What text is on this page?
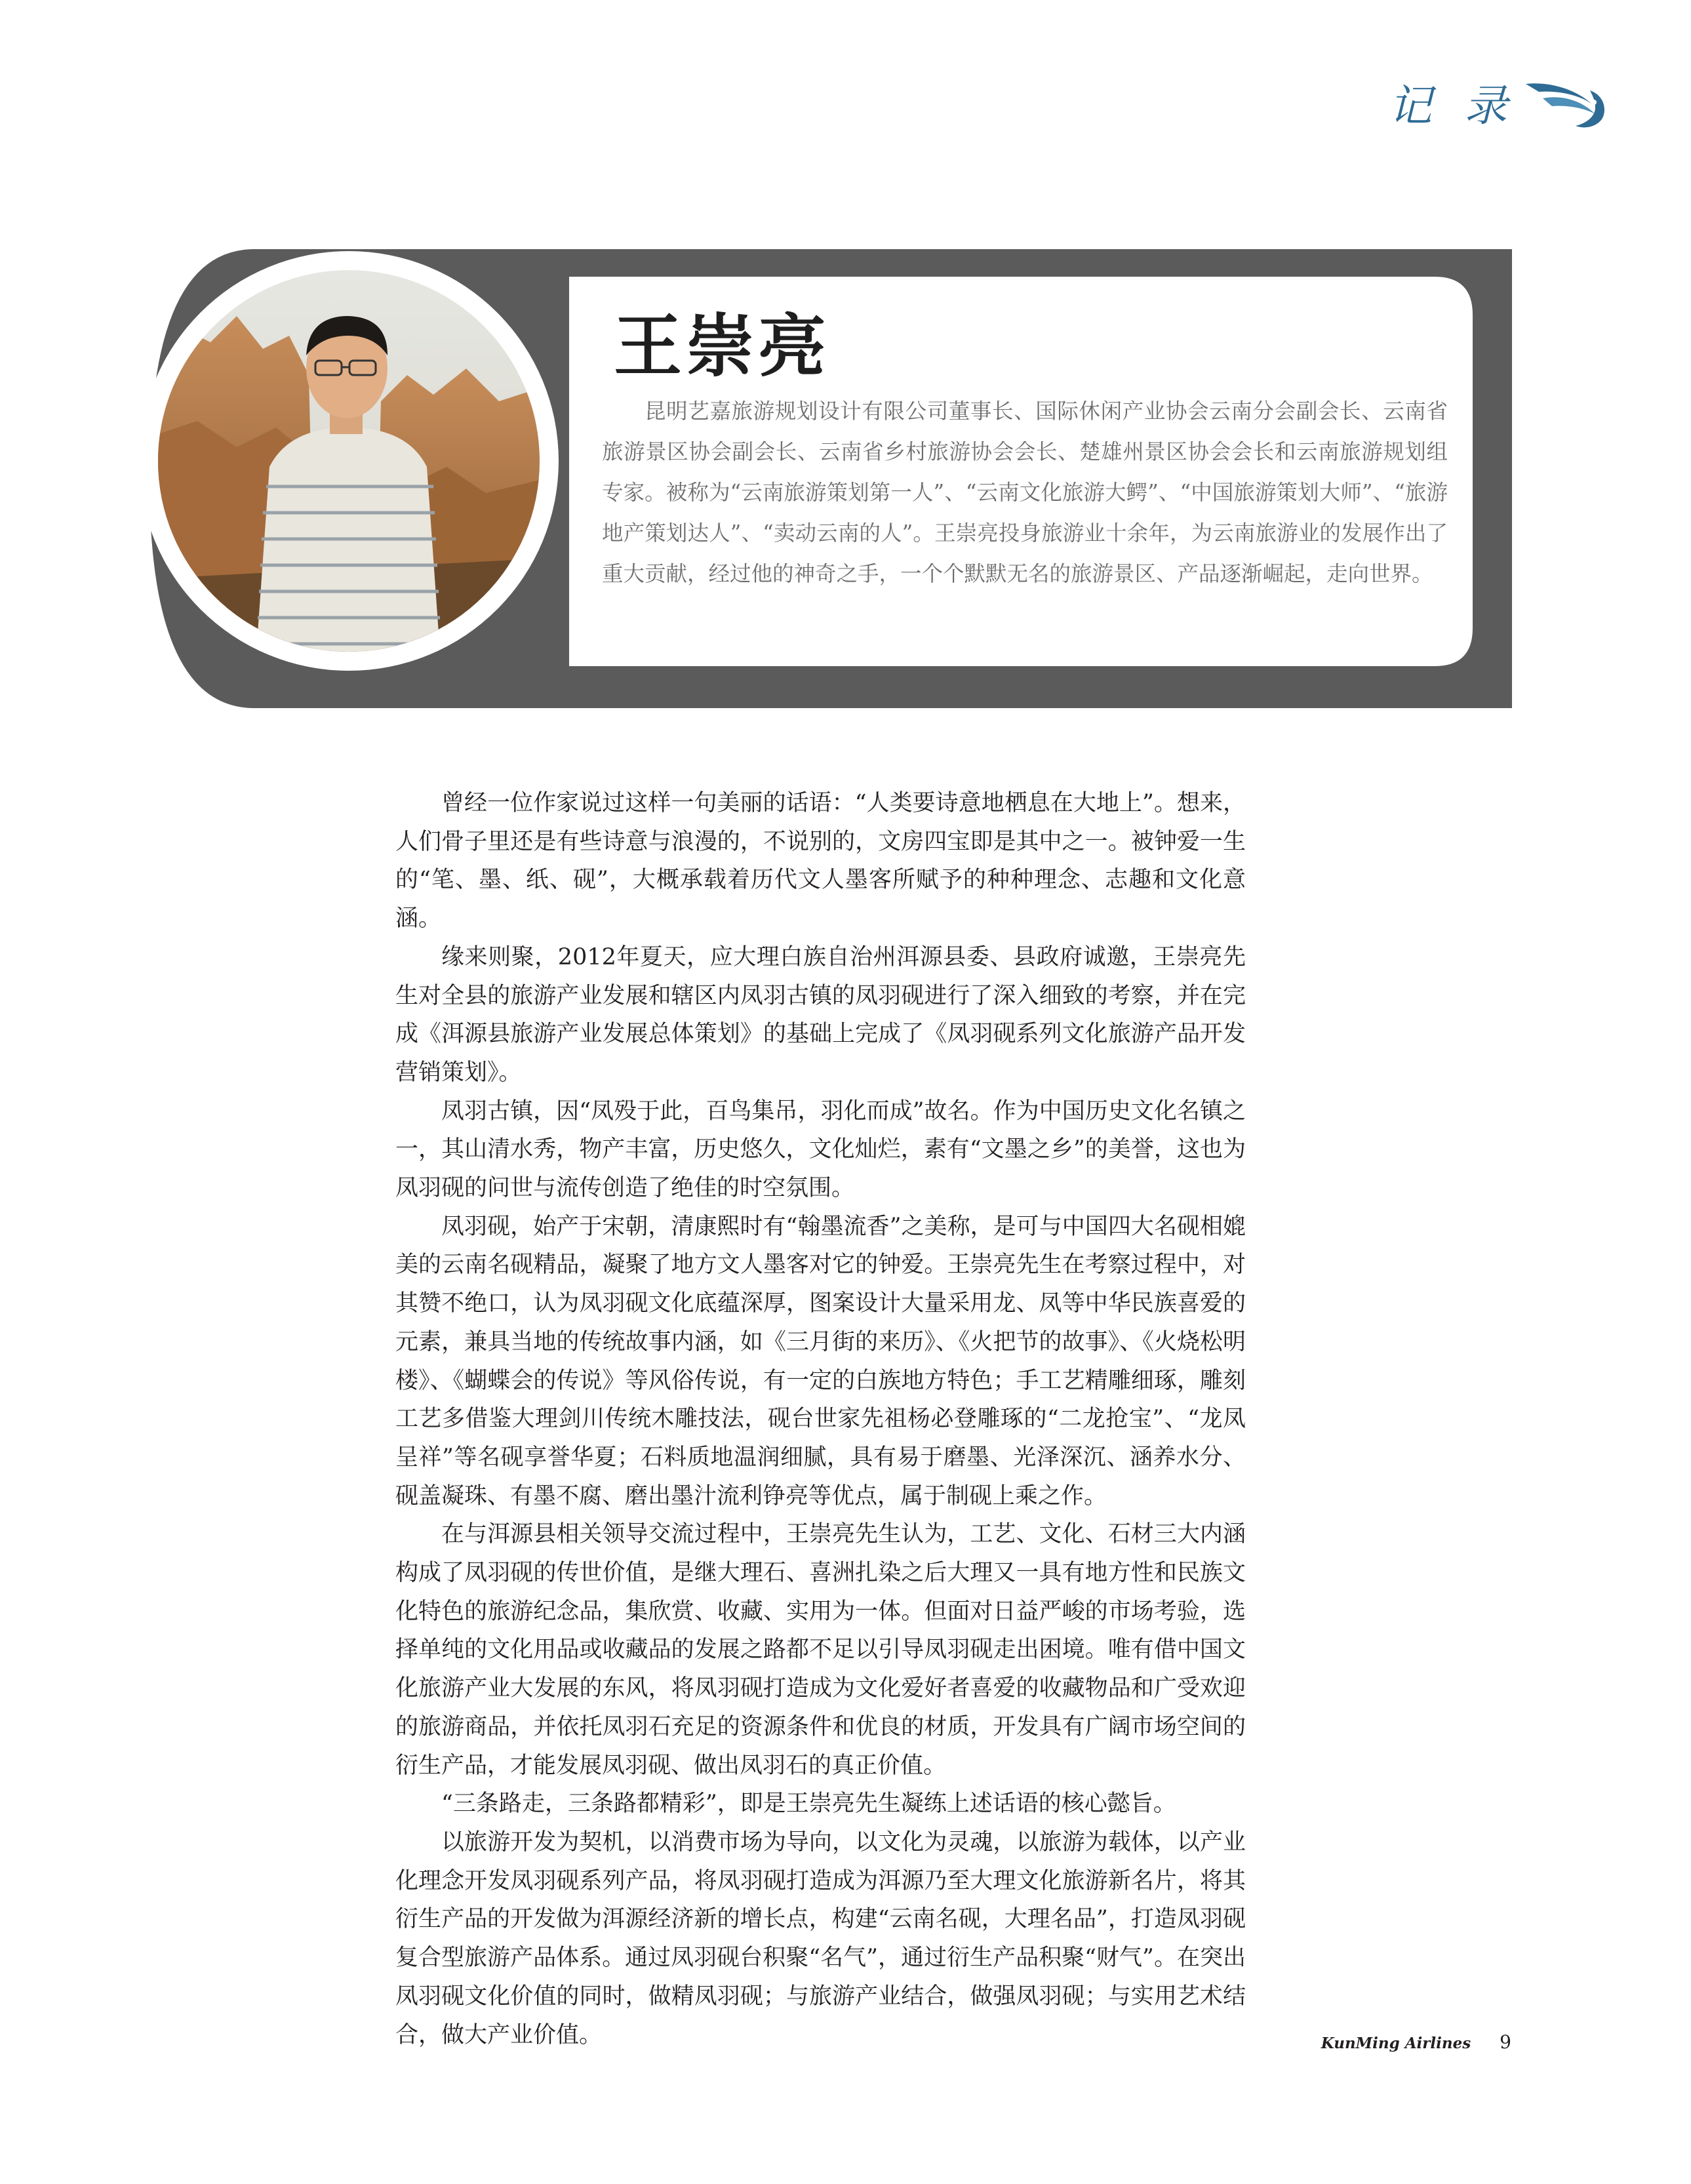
记 录
王崇亮

昆明艺嘉旅游规划设计有限公司董事长、国际休闲产业协会云南分会副会长、云南省旅游景区协会副会长、云南省乡村旅游协会会长、楚雄州景区协会会长和云南旅游规划组专家。被称为“云南旅游策划第一人”、“云南文化旅游大鳄”、“中国旅游策划大师”、“旅游地产策划达人”、“卖动云南的人”。王崇亮投身旅游业十余年，为云南旅游业的发展作出了重大贡献，经过他的神奇之手，一个个默默无名的旅游景区、产品逐渐崛起，走向世界。

曾经一位作家说过这样一句美丽的话语：“人类要诗意地栖息在大地上”。想来，人们骨子里还是有些诗意与浪漫的，不说别的，文房四宝即是其中之一。被钟爱一生的“笔、墨、纸、砚”，大概承载着历代文人墨客所赋予的种种理念、志趣和文化意涵。

缘来则聚，2012年夏天，应大理白族自治州洱源县委、县政府诚邀，王崇亮先生对全县的旅游产业发展和辖区内凤羽古镇的凤羽砚进行了深入细致的考察，并在完成《洱源县旅游产业发展总体策划》的基础上完成了《凤羽砚系列文化旅游产品开发营销策划》。

凤羽古镇，因“凤殁于此，百鸟集吊，羽化而成”故名。作为中国历史文化名镇之一，其山清水秀，物产丰富，历史悠久，文化灿烂，素有“文墨之乡”的美誉，这也为凤羽砚的问世与流传创造了绝佳的时空氛围。

凤羽砚，始产于宋朝，清康熙时有“翰墨流香”之美称，是可与中国四大名砚相媲美的云南名砚精品，凝聚了地方文人墨客对它的钟爱。王崇亮先生在考察过程中，对其赞不绝口，认为凤羽砚文化底蕴深厚，图案设计大量采用龙、凤等中华民族喜爱的元素，兼具当地的传统故事内涵，如《三月街的来历》、《火把节的故事》、《火烧松明楼》、《蝴蝶会的传说》等风俗传说，有一定的白族地方特色；手工艺精雕细琢，雕刻工艺多借鉴大理剑川传统木雕技法，砚台世家先祖杨必登雕琢的“二龙抢宝”、“龙凤呈祥”等名砚享誉华夏；石料质地温润细腻，具有易于磨墨、光泽深沉、涵养水分、砚盖凝珠、有墨不腐、磨出墨汁流利铮亮等优点，属于制砚上乘之作。

在与洱源县相关领导交流过程中，王崇亮先生认为，工艺、文化、石材三大内涵构成了凤羽砚的传世价值，是继大理石、喜洲扎染之后大理又一具有地方性和民族文化特色的旅游纪念品，集欣赏、收藏、实用为一体。但面对日益严峻的市场考验，选择单纯的文化用品或收藏品的发展之路都不足以引导凤羽砚走出困境。唯有借中国文化旅游产业大发展的东风，将凤羽砚打造成为文化爱好者喜爱的收藏物品和广受欢迎的旅游商品，并依托凤羽石充足的资源条件和优良的材质，开发具有广阔市场空间的衍生产品，才能发展凤羽砚、做出凤羽石的真正价值。

“三条路走，三条路都精彩”，即是王崇亮先生凝练上述话语的核心懿旨。

以旅游开发为契机，以消费市场为导向，以文化为灵魂，以旅游为载体，以产业化理念开发凤羽砚系列产品，将凤羽砚打造成为洱源乃至大理文化旅游新名片，将其衍生产品的开发做为洱源经济新的增长点，构建“云南名砚，大理名品”，打造凤羽砚复合型旅游产品体系。通过凤羽砚台积聚“名气”，通过衍生产品积聚“财气”。在突出凤羽砚文化价值的同时，做精凤羽砚；与旅游产业结合，做强凤羽砚；与实用艺术结合，做大产业价值。	KunMing Airlines 9
